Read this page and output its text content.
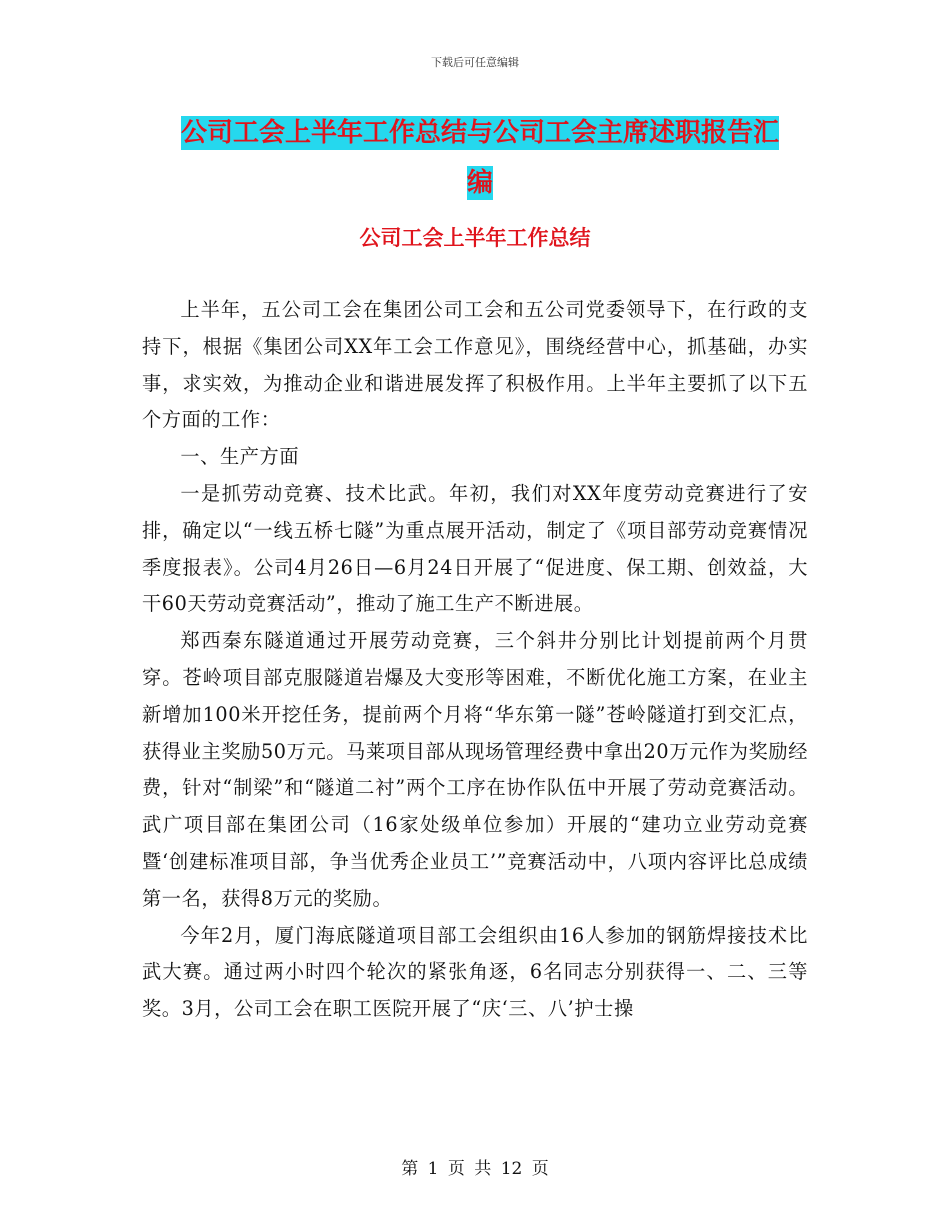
下载后可任意编辑
公司工会上半年工作总结与公司工会主席述职报告汇
编
公司工会上半年工作总结

上半年，五公司工会在集团公司工会和五公司党委领导下，在行政的支持下，根据《集团公司XX年工会工作意见》，围绕经营中心，抓基础，办实事，求实效，为推动企业和谐进展发挥了积极作用。上半年主要抓了以下五个方面的工作：

一、生产方面

一是抓劳动竞赛、技术比武。年初，我们对XX年度劳动竞赛进行了安排，确定以“一线五桥七隧”为重点展开活动，制定了《项目部劳动竞赛情况季度报表》。公司4月26日—6月24日开展了“促进度、保工期、创效益，大干60天劳动竞赛活动”，推动了施工生产不断进展。

郑西秦东隧道通过开展劳动竞赛，三个斜井分别比计划提前两个月贯穿。苍岭项目部克服隧道岩爆及大变形等困难，不断优化施工方案，在业主新增加100米开挖任务，提前两个月将“华东第一隧”苍岭隧道打到交汇点，获得业主奖励50万元。马莱项目部从现场管理经费中拿出20万元作为奖励经费，针对“制梁”和“隧道二衬”两个工序在协作队伍中开展了劳动竞赛活动。武广项目部在集团公司（16家处级单位参加）开展的“建功立业劳动竞赛暨‘创建标准项目部，争当优秀企业员工’”竞赛活动中，八项内容评比总成绩第一名，获得8万元的奖励。

今年2月，厦门海底隧道项目部工会组织由16人参加的钢筋焊接技术比武大赛。通过两小时四个轮次的紧张角逐，6名同志分别获得一、二、三等奖。3月，公司工会在职工医院开展了“庆‘三、八’护士操

第 1 页 共 12 页
